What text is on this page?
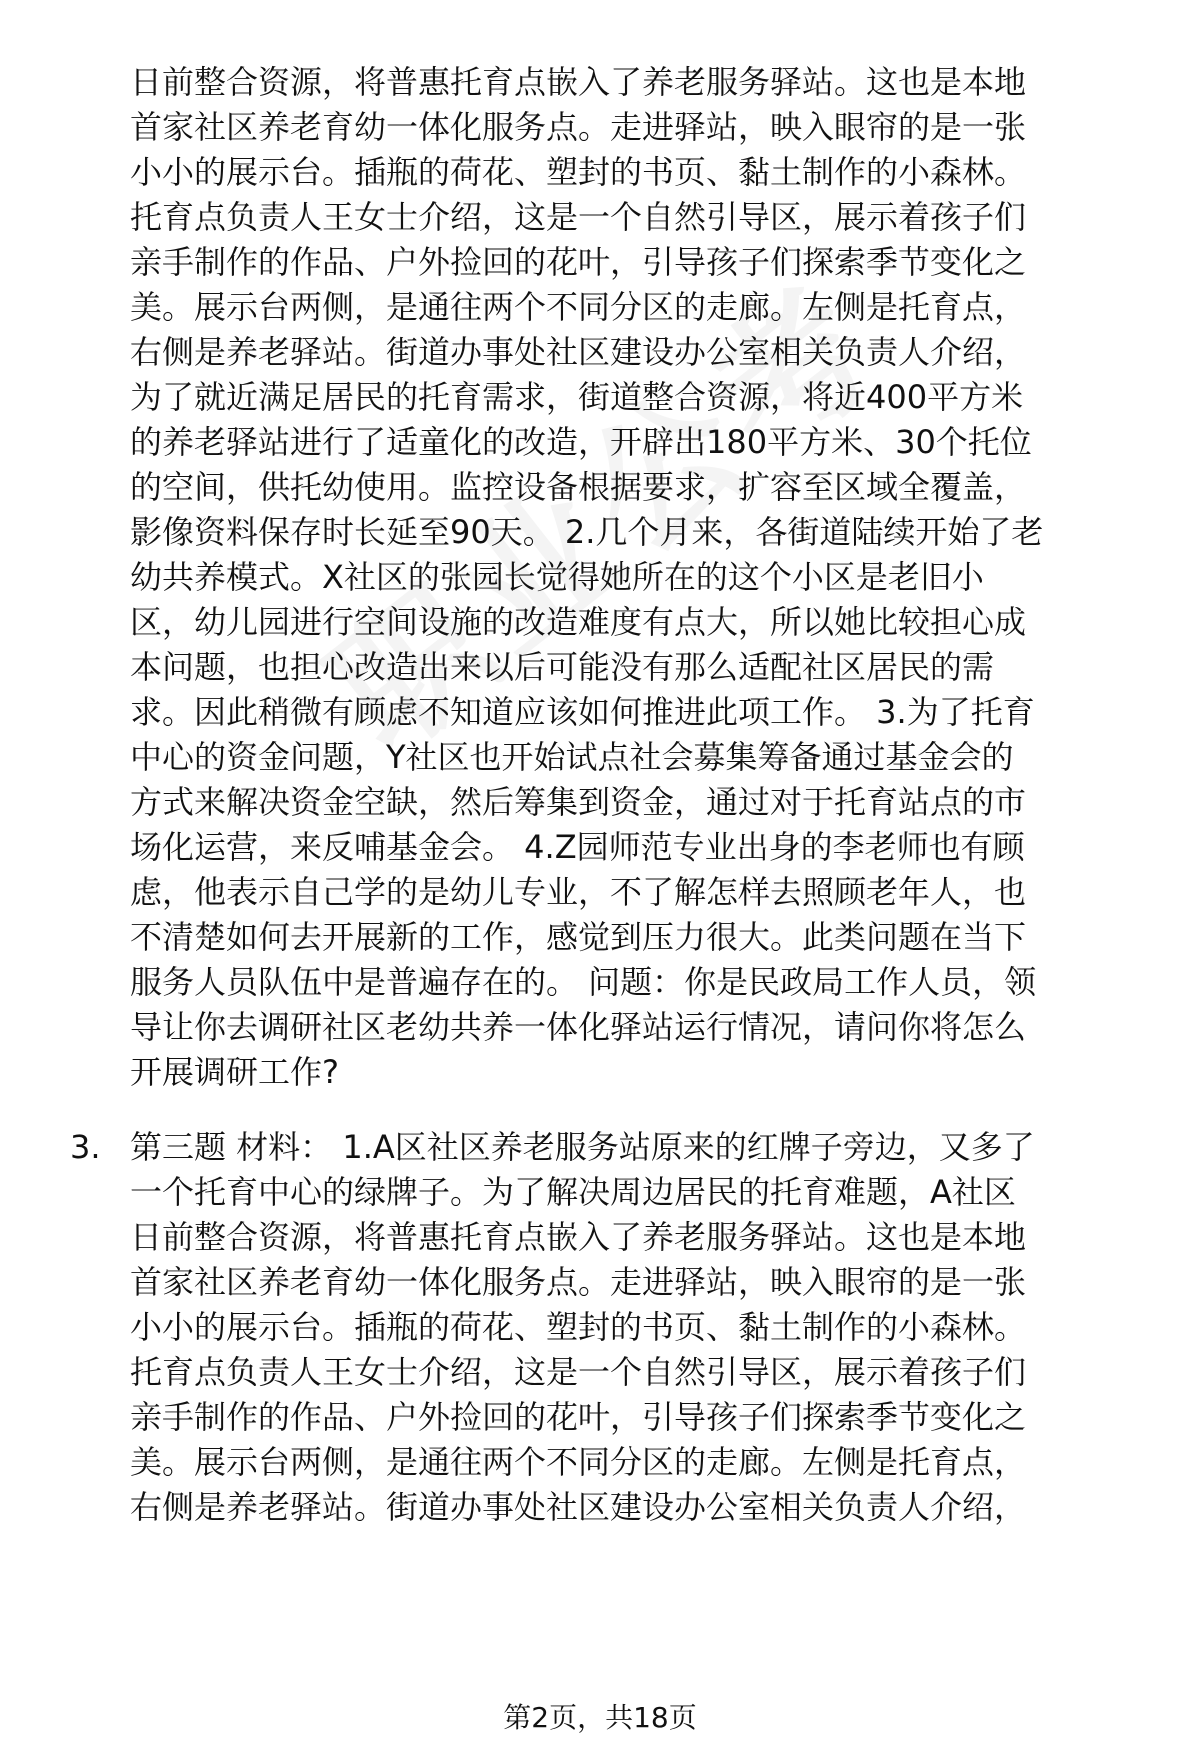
日前整合资源，将普惠托育点嵌入了养老服务驿站。这也是本地
首家社区养老育幼一体化服务点。走进驿站，映入眼帘的是一张
小小的展示台。插瓶的荷花、塑封的书页、黏土制作的小森林。
托育点负责人王女士介绍，这是一个自然引导区，展示着孩子们
亲手制作的作品、户外捡回的花叶，引导孩子们探索季节变化之
美。展示台两侧，是通往两个不同分区的走廊。左侧是托育点，
右侧是养老驿站。街道办事处社区建设办公室相关负责人介绍，
为了就近满足居民的托育需求，街道整合资源，将近400平方米
的养老驿站进行了适童化的改造，开辟出180平方米、30个托位
的空间，供托幼使用。监控设备根据要求，扩容至区域全覆盖，
影像资料保存时长延至90天。 2.几个月来，各街道陆续开始了老
幼共养模式。X社区的张园长觉得她所在的这个小区是老旧小
区，幼儿园进行空间设施的改造难度有点大，所以她比较担心成
本问题，也担心改造出来以后可能没有那么适配社区居民的需
求。因此稍微有顾虑不知道应该如何推进此项工作。 3.为了托育
中心的资金问题，Y社区也开始试点社会募集筹备通过基金会的
方式来解决资金空缺，然后筹集到资金，通过对于托育站点的市
场化运营，来反哺基金会。 4.Z园师范专业出身的李老师也有顾
虑，他表示自己学的是幼儿专业，不了解怎样去照顾老年人，也
不清楚如何去开展新的工作，感觉到压力很大。此类问题在当下
服务人员队伍中是普遍存在的。 问题：你是民政局工作人员，领
导让你去调研社区老幼共养一体化驿站运行情况，请问你将怎么
开展调研工作?
3. 第三题 材料： 1.A区社区养老服务站原来的红牌子旁边，又多了
一个托育中心的绿牌子。为了解决周边居民的托育难题，A社区
日前整合资源，将普惠托育点嵌入了养老服务驿站。这也是本地
首家社区养老育幼一体化服务点。走进驿站，映入眼帘的是一张
小小的展示台。插瓶的荷花、塑封的书页、黏土制作的小森林。
托育点负责人王女士介绍，这是一个自然引导区，展示着孩子们
亲手制作的作品、户外捡回的花叶，引导孩子们探索季节变化之
美。展示台两侧，是通往两个不同分区的走廊。左侧是托育点，
右侧是养老驿站。街道办事处社区建设办公室相关负责人介绍，
第2页，共18页
